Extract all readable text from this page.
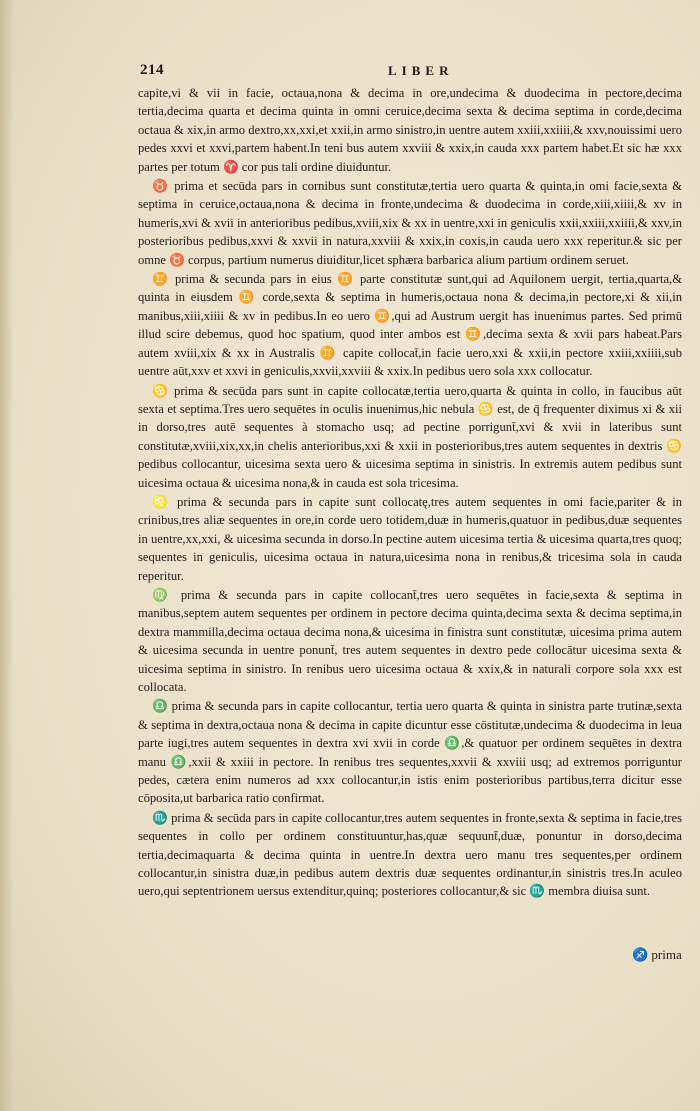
214	LIBER

capite,vi & vii in facie, octaua,nona & decima in ore,undecima & duodecima in pectore,decima tertia,decima quarta et decima quinta in omni ceruice,decima sexta & decima septima in corde,decima octaua & xix,in armo dextro,xx,xxi,et xxii,in armo sinistro,in uentre autem xxiii,xxiiii,& xxv,nouissimi uero pedes xxvi et xxvi,partem habent.In teni bus autem xxviii & xxix,in cauda xxx partem habet.Et sic hæ xxx partes per totum ♈ cor pus tali ordine diuiduntur.

♉ prima et secūda pars in cornibus sunt constitutæ,tertia uero quarta & quinta,in omi facie,sexta & septima in ceruice,octaua,nona & decima in fronte,undecima & duodecima in corde,xiii,xiiii,& xv in humeris,xvi & xvii in anterioribus pedibus,xviii,xix & xx in uentre,xxi in geniculis xxii,xxiii,xxiiii,& xxv,in posterioribus pedibus,xxvi & xxvii in natura,xxviii & xxix,in coxis,in cauda uero xxx reperitur.& sic per omne ♉ corpus, partium numerus diuiditur,licet sphæra barbarica alium partium ordinem seruet.

♊ prima & secunda pars in eius ♊ parte constitutæ sunt,qui ad Aquilonem uergit, tertia,quarta,& quinta in eiusdem ♊ corde,sexta & septima in humeris,octaua nona & decima,in pectore,xi & xii,in manibus,xiii,xiiii & xv in pedibus.In eo uero ♊,qui ad Austrum uergit has inuenimus partes. Sed primū illud scire debemus, quod hoc spatium, quod inter ambos est ♊,decima sexta & xvii pars habeat.Pars autem xviii,xix & xx in Australis ♊ capite collocat̄,in facie uero,xxi & xxii,in pectore xxiii,xxiiii,sub uentre aūt,xxv et xxvi in geniculis,xxvii,xxviii & xxix.In pedibus uero sola xxx collocatur.

♋ prima & secūda pars sunt in capite collocatæ,tertia uero,quarta & quinta in collo, in faucibus aūt sexta et septima.Tres uero sequētes in oculis inuenimus,hic nebula ♋ est, de q̄ frequenter diximus xi & xii in dorso,tres autē sequentes à stomacho usq; ad pectine porrigunt̄,xvi & xvii in lateribus sunt constitutæ,xviii,xix,xx,in chelis anterioribus,xxi & xxii in posterioribus,tres autem sequentes in dextris ♋ pedibus collocantur, uicesima sexta uero & uicesima septima in sinistris. In extremis autem pedibus sunt uicesima octaua & uicesima nona,& in cauda est sola tricesima.

♌ prima & secunda pars in capite sunt collocatę,tres autem sequentes in omi facie,pariter & in crinibus,tres aliæ sequentes in ore,in corde uero totidem,duæ in humeris,quatuor in pedibus,duæ sequentes in uentre,xx,xxi, & uicesima secunda in dorso.In pectine autem uicesima tertia & uicesima quarta,tres quoq; sequentes in geniculis, uicesima octaua in natura,uicesima nona in renibus,& tricesima sola in cauda reperitur.

♍ prima & secunda pars in capite collocant̄,tres uero sequētes in facie,sexta & septima in manibus,septem autem sequentes per ordinem in pectore decima quinta,decima sexta & decima septima,in dextra mammilla,decima octaua decima nona,& uicesima in finistra sunt constitutæ, uicesima prima autem & uicesima secunda in uentre ponunt̄, tres autem sequentes in dextro pede collocātur uicesima sexta & uicesima septima in sinistro. In renibus uero uicesima octaua & xxix,& in naturali corpore sola xxx est collocata.

♎ prima & secunda pars in capite collocantur, tertia uero quarta & quinta in sinistra parte trutinæ,sexta & septima in dextra,octaua nona & decima in capite dicuntur esse cōstitutæ,undecima & duodecima in leua parte iugi,tres autem sequentes in dextra xvi xvii in corde ♎,& quatuor per ordinem sequētes in dextra manu ♎,xxii & xxiii in pectore. In renibus tres sequentes,xxvii & xxviii usq; ad extremos porriguntur pedes, cætera enim numeros ad xxx collocantur,in istis enim posterioribus partibus,terra dicitur esse cōposita,ut barbarica ratio confirmat.

♏ prima & secūda pars in capite collocantur,tres autem sequentes in fronte,sexta & septima in facie,tres sequentes in collo per ordinem constituuntur,has,quæ sequunt̄,duæ, ponuntur in dorso,decima tertia,decimaquarta & decima quinta in uentre.In dextra uero manu tres sequentes,per ordinem collocantur,in sinistra duæ,in pedibus autem dextris duæ sequentes ordinantur,in sinistris tres.In aculeo uero,qui septentrionem uersus extenditur,quinq; posteriores collocantur,& sic ♏ membra diuisa sunt.

♐ prima
